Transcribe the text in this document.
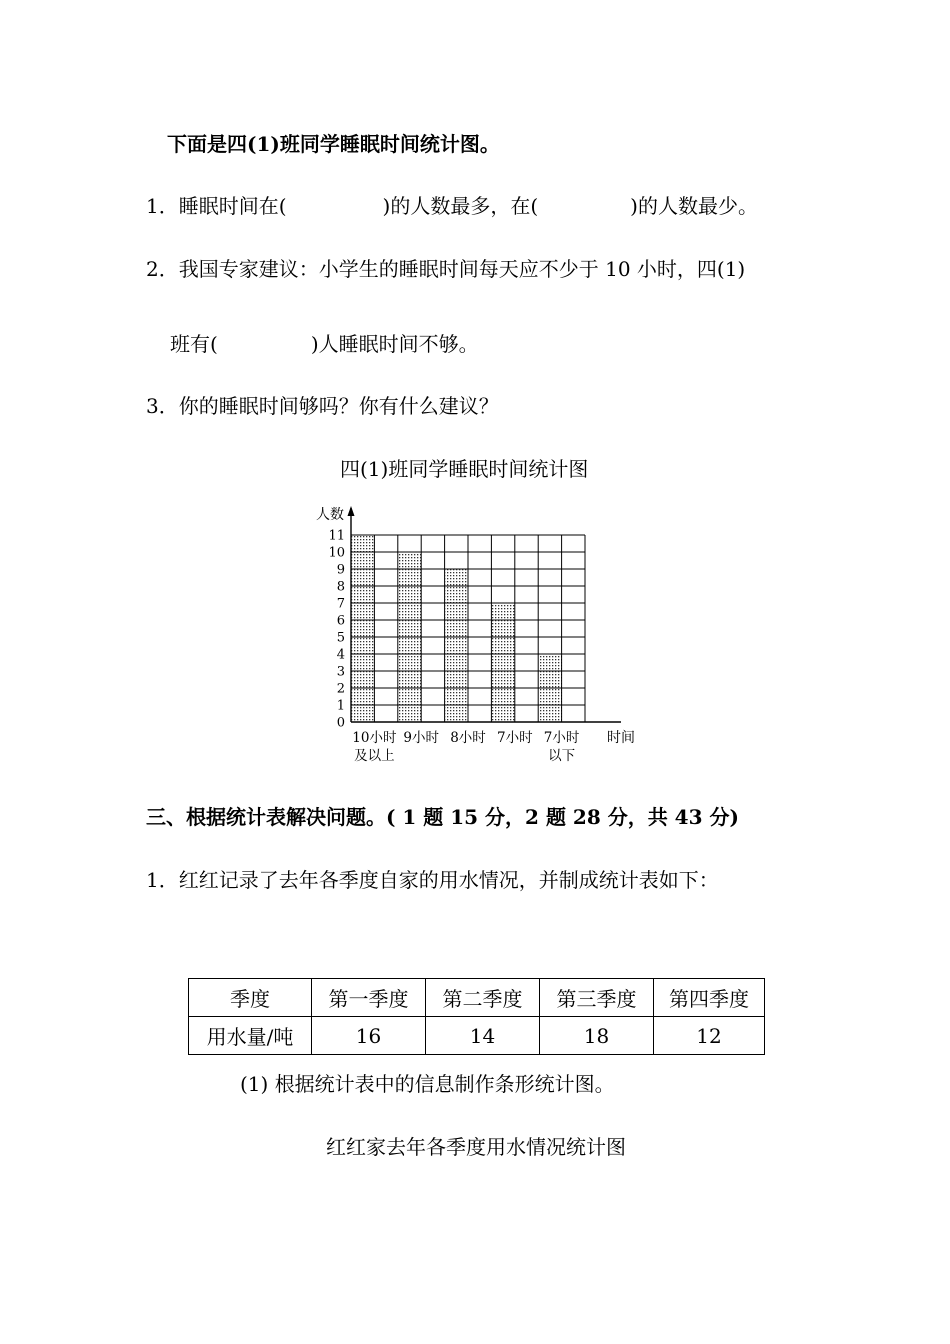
下面是四(1)班同学睡眠时间统计图。
1．睡眠时间在(	)的人数最多，在(	)的人数最少。
2．我国专家建议：小学生的睡眠时间每天应不少于 10 小时，四(1)
班有(	)人睡眠时间不够。
3．你的睡眠时间够吗？你有什么建议？
四(1)班同学睡眠时间统计图
0
1
2
3
4
5
6
7
8
9
10
11
人数
10小时
及以上
9小时 8小时 7小时 7小时
以下
时间
三、根据统计表解决问题。( 1 题 15 分，2 题 28 分，共 43 分)
1．红红记录了去年各季度自家的用水情况，并制成统计表如下：
季度	第一季度	第二季度	第三季度	第四季度
用水量/吨	16	14	18	12
(1) 根据统计表中的信息制作条形统计图。
红红家去年各季度用水情况统计图
